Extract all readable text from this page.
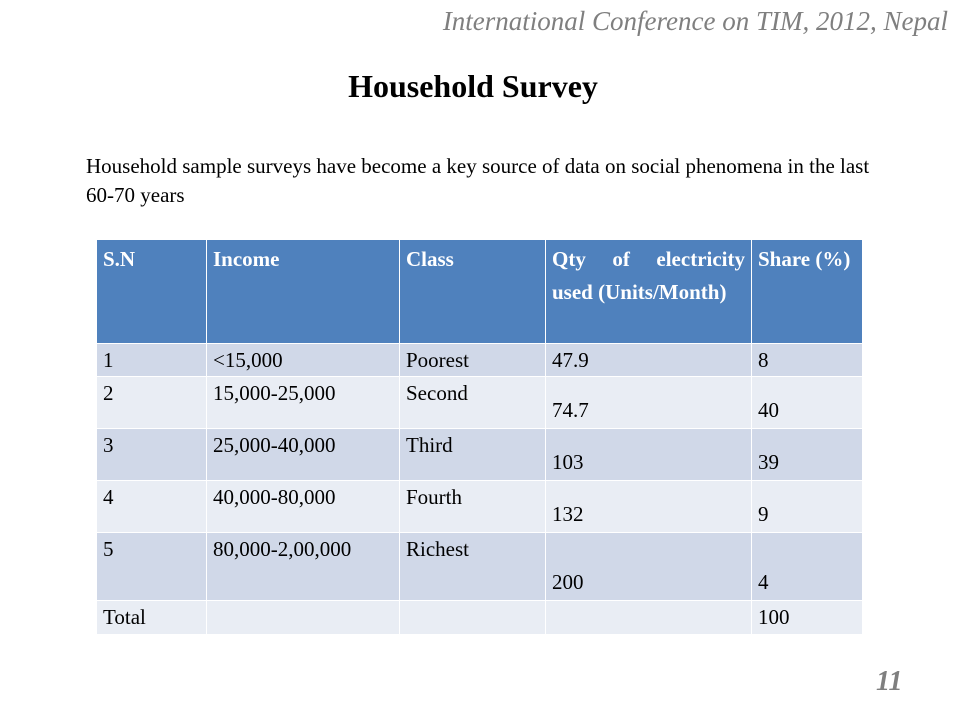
International Conference on TIM, 2012, Nepal
Household Survey
Household sample surveys have become a key source of data on social phenomena in the last 60-70 years
S.N	Income	Class	Qty of electricity used (Units/Month)	Share (%)
1	<15,000	Poorest	47.9	8
2	15,000-25,000	Second	74.7	40
3	25,000-40,000	Third	103	39
4	40,000-80,000	Fourth	132	9
5	80,000-2,00,000	Richest	200	4
Total				100
11
